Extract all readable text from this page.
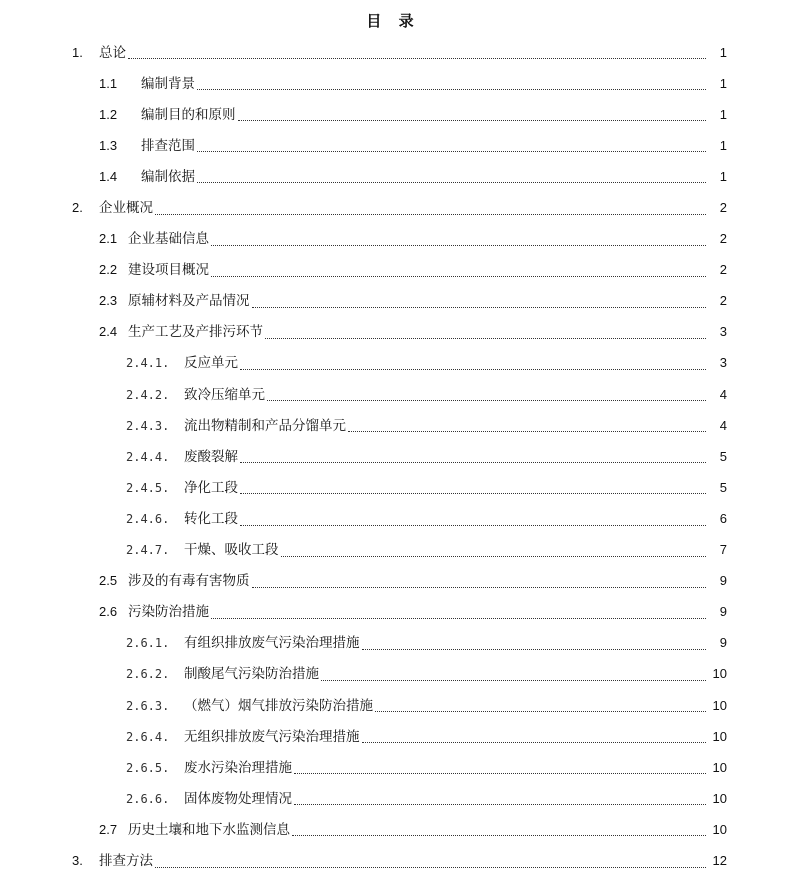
目 录
1.	总论	1
1.1	编制背景	1
1.2	编制目的和原则	1
1.3	排查范围	1
1.4	编制依据	1
2.	企业概况	2
2.1 企业基础信息	2
2.2 建设项目概况	2
2.3 原辅材料及产品情况	2
2.4 生产工艺及产排污环节	3
2.4.1.	反应单元	3
2.4.2.	致冷压缩单元	4
2.4.3.	流出物精制和产品分馏单元	4
2.4.4.	废酸裂解	5
2.4.5.	净化工段	5
2.4.6.	转化工段	6
2.4.7.	干燥、吸收工段	7
2.5 涉及的有毒有害物质	9
2.6 污染防治措施	9
2.6.1.	有组织排放废气污染治理措施	9
2.6.2.	制酸尾气污染防治措施	10
2.6.3.	（燃气）烟气排放污染防治措施	10
2.6.4.	无组织排放废气污染治理措施	10
2.6.5.	废水污染治理措施	10
2.6.6.	固体废物处理情况	10
2.7 历史土壤和地下水监测信息	10
3.	排查方法	12
